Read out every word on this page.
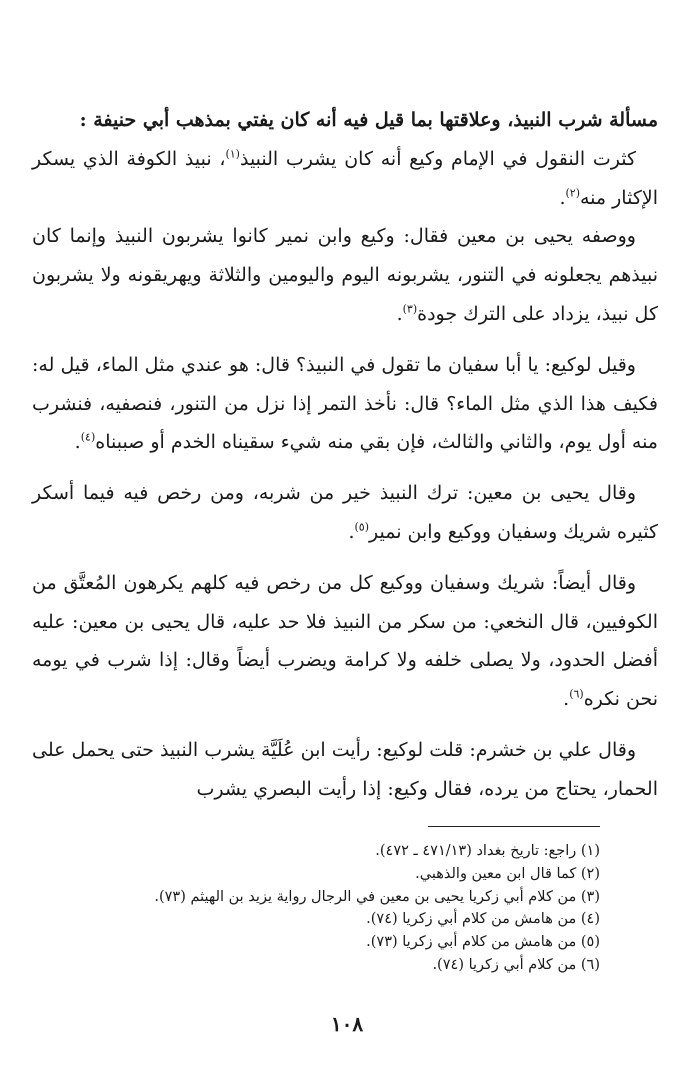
مسألة شرب النبيذ، وعلاقتها بما قيل فيه أنه كان يفتي بمذهب أبي حنيفة :
كثرت النقول في الإمام وكيع أنه كان يشرب النبيذ$^{(١)}$، نبيذ الكوفة الذي يسكر الإكثار منه$^{(٢)}$.

ووصفه يحيى بن معين فقال: وكيع وابن نمير كانوا يشربون النبيذ وإنما كان نبيذهم يجعلونه في التنور، يشربونه اليوم واليومين والثلاثة ويهريقونه ولا يشربون كل نبيذ، يزداد على الترك جودة$^{(٣)}$.

وقيل لوكيع: يا أبا سفيان ما تقول في النبيذ؟ قال: هو عندي مثل الماء، قيل له: فكيف هذا الذي مثل الماء؟ قال: نأخذ التمر إذا نزل من التنور، فنصفيه، فنشرب منه أول يوم، والثاني والثالث، فإن بقي منه شيء سقيناه الخدم أو صببناه$^{(٤)}$.

وقال يحيى بن معين: ترك النبيذ خير من شربه، ومن رخص فيه فيما أسكر كثيره شريك وسفيان ووكيع وابن نمير$^{(٥)}$.

وقال أيضاً: شريك وسفيان ووكيع كل من رخص فيه كلهم يكرهون المُعتَّق من الكوفيين، قال النخعي: من سكر من النبيذ فلا حد عليه، قال يحيى بن معين: عليه أفضل الحدود، ولا يصلى خلفه ولا كرامة ويضرب أيضاً وقال: إذا شرب في يومه نحن نكره$^{(٦)}$.

وقال علي بن خشرم: قلت لوكيع: رأيت ابن عُلَيَّة يشرب النبيذ حتى يحمل على الحمار، يحتاج من يرده، فقال وكيع: إذا رأيت البصري يشرب

(١) راجع: تاريخ بغداد (٤٧١/١٣ ـ ٤٧٢).
(٢) كما قال ابن معين والذهبي.
(٣) من كلام أبي زكريا يحيى بن معين في الرجال رواية يزيد بن الهيثم (٧٣).
(٤) من هامش من كلام أبي زكريا (٧٤).
(٥) من هامش من كلام أبي زكريا (٧٣).
(٦) من كلام أبي زكريا (٧٤).
١٠٨
